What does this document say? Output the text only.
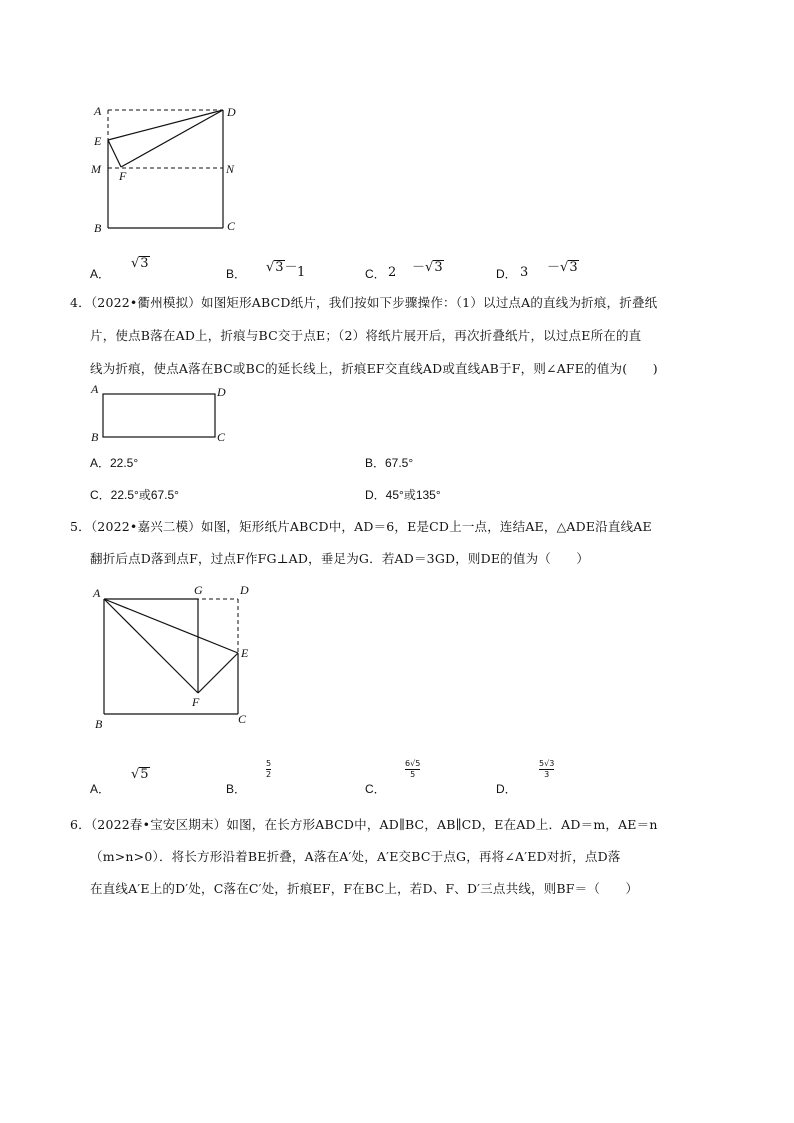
A	D
E
M F	N
B	C
A．
√3
B． √3－ 1	C． 2 －√3	D． 3 －√3
4．（2022•衢州模拟）如图矩形ABCD纸片，我们按如下步骤操作：（1）以过点A的直线为折痕，折叠纸
片，使点B落在AD上，折痕与BC交于点E；（2）将纸片展开后，再次折叠纸片，以过点E所在的直
线为折痕，使点A落在BC或BC的延长线上，折痕EF交直线AD或直线AB于F，则∠AFE的值为(　　)
A	D
B	C
A．22.5°	B．67.5°
C．22.5°或67.5°	D．45°或135°
5．（2022•嘉兴二模）如图，矩形纸片ABCD中，AD＝6，E是CD上一点，连结AE，△ADE沿直线AE
翻折后点D落到点F，过点F作FG⊥AD，垂足为G．若AD＝3GD，则DE的值为（　　）
A	G	D
E
F
B	C
A．
√5
B．
$\frac{5}{2}$
C．
$\frac{6√5}{5}$
D．
$\frac{5√3}{3}$
6．（2022春•宝安区期末）如图，在长方形ABCD中，AD∥BC，AB∥CD，E在AD上．AD＝m，AE＝n
（m>n>0）．将长方形沿着BE折叠，A落在A′处，A′E交BC于点G，再将∠A′ED对折，点D落
在直线A′E上的D′处，C落在C′处，折痕EF，F在BC上，若D、F、D′三点共线，则BF＝（　　）
